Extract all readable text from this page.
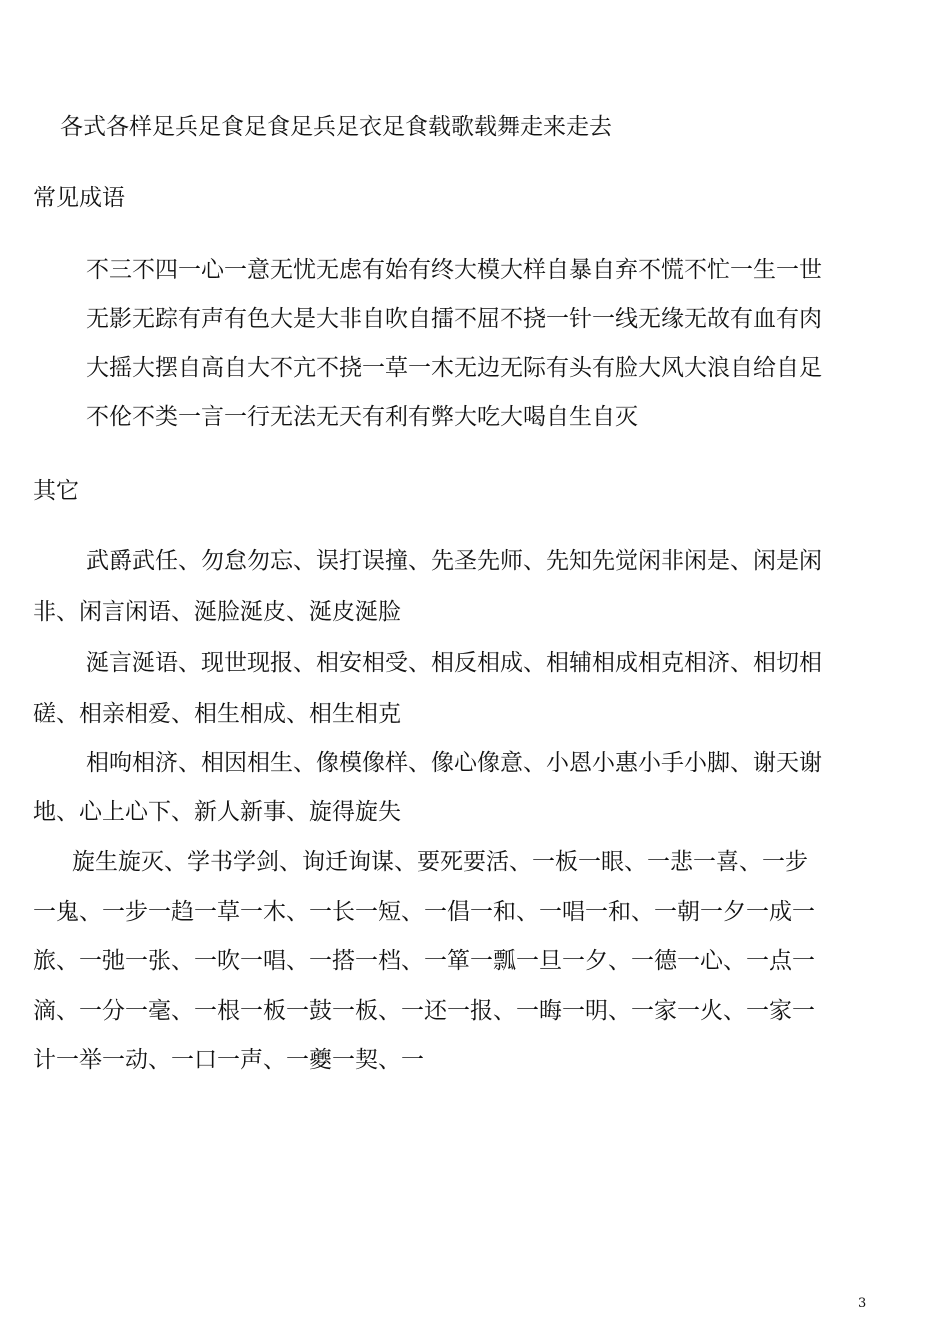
各式各样足兵足食足食足兵足衣足食载歌载舞走来走去
常见成语
不三不四一心一意无忧无虑有始有终大模大样自暴自弃不慌不忙一生一世
无影无踪有声有色大是大非自吹自擂不屈不挠一针一线无缘无故有血有肉
大摇大摆自高自大不亢不挠一草一木无边无际有头有脸大风大浪自给自足
不伦不类一言一行无法无天有利有弊大吃大喝自生自灭
其它
武爵武任、勿怠勿忘、误打误撞、先圣先师、先知先觉闲非闲是、闲是闲
非、闲言闲语、涎脸涎皮、涎皮涎脸
涎言涎语、现世现报、相安相受、相反相成、相辅相成相克相济、相切相
磋、相亲相爱、相生相成、相生相克
相呴相济、相因相生、像模像样、像心像意、小恩小惠小手小脚、谢天谢
地、心上心下、新人新事、旋得旋失
旋生旋灭、学书学剑、询迁询谋、要死要活、一板一眼、一悲一喜、一步
一鬼、一步一趋一草一木、一长一短、一倡一和、一唱一和、一朝一夕一成一
旅、一弛一张、一吹一唱、一搭一档、一箪一瓢一旦一夕、一德一心、一点一
滴、一分一毫、一根一板一鼓一板、一还一报、一晦一明、一家一火、一家一
计一举一动、一口一声、一夔一契、一
3
